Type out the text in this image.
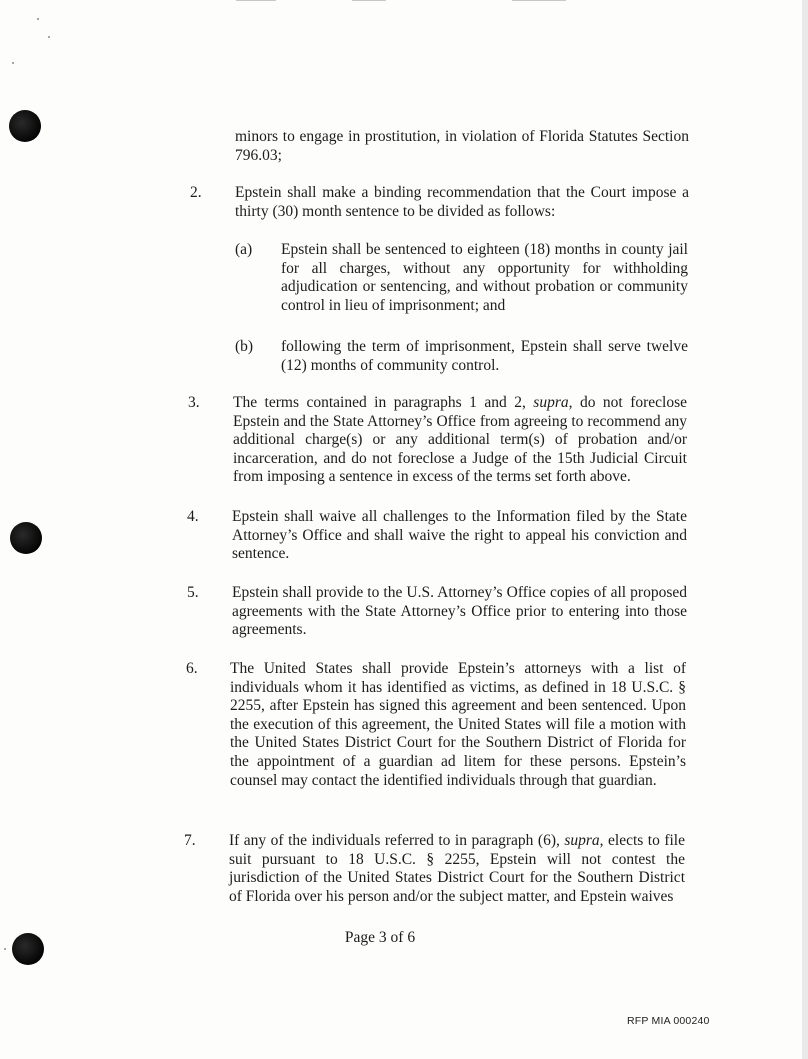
minors to engage in prostitution, in violation of Florida Statutes Section 796.03;
2. Epstein shall make a binding recommendation that the Court impose a thirty (30) month sentence to be divided as follows:
(a) Epstein shall be sentenced to eighteen (18) months in county jail for all charges, without any opportunity for withholding adjudication or sentencing, and without probation or community control in lieu of imprisonment; and
(b) following the term of imprisonment, Epstein shall serve twelve (12) months of community control.
3. The terms contained in paragraphs 1 and 2, supra, do not foreclose Epstein and the State Attorney’s Office from agreeing to recommend any additional charge(s) or any additional term(s) of probation and/or incarceration, and do not foreclose a Judge of the 15th Judicial Circuit from imposing a sentence in excess of the terms set forth above.
4. Epstein shall waive all challenges to the Information filed by the State Attorney’s Office and shall waive the right to appeal his conviction and sentence.
5. Epstein shall provide to the U.S. Attorney’s Office copies of all proposed agreements with the State Attorney’s Office prior to entering into those agreements.
6. The United States shall provide Epstein’s attorneys with a list of individuals whom it has identified as victims, as defined in 18 U.S.C. § 2255, after Epstein has signed this agreement and been sentenced. Upon the execution of this agreement, the United States will file a motion with the United States District Court for the Southern District of Florida for the appointment of a guardian ad litem for these persons. Epstein’s counsel may contact the identified individuals through that guardian.
7. If any of the individuals referred to in paragraph (6), supra, elects to file suit pursuant to 18 U.S.C. § 2255, Epstein will not contest the jurisdiction of the United States District Court for the Southern District of Florida over his person and/or the subject matter, and Epstein waives
Page 3 of 6
RFP MIA 000240
